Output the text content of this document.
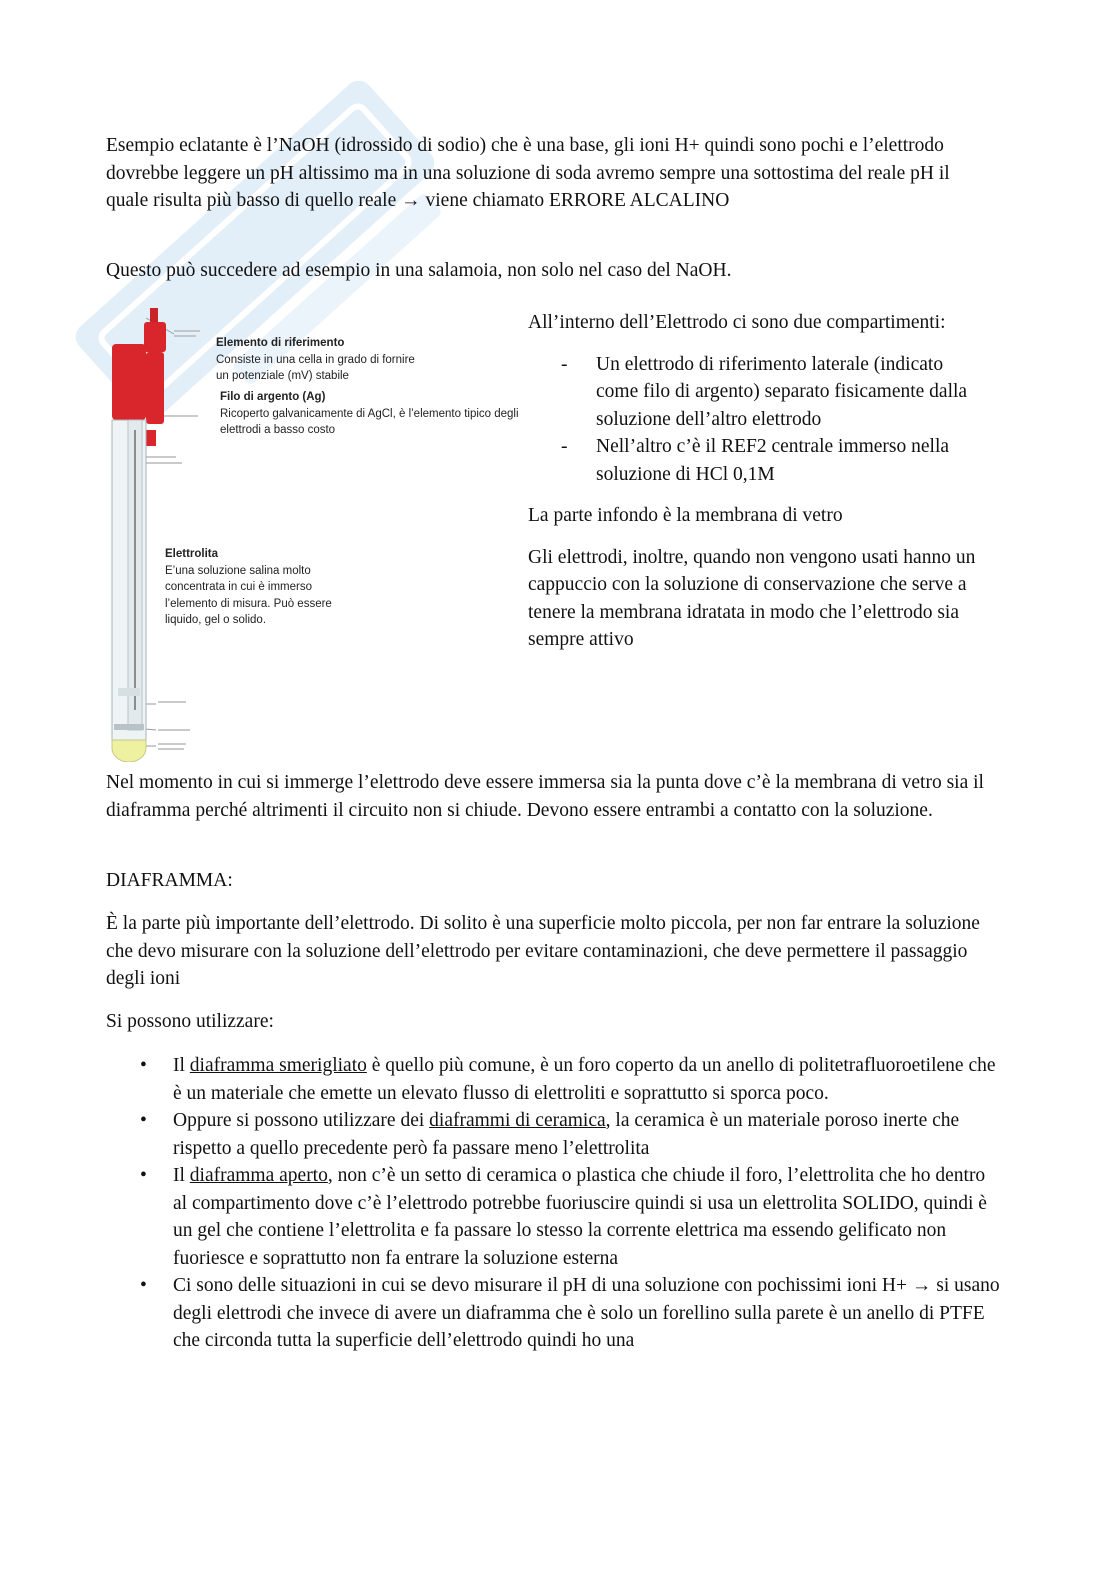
Esempio eclatante è l’NaOH (idrossido di sodio) che è una base, gli ioni H+ quindi sono pochi e l’elettrodo dovrebbe leggere un pH altissimo ma in una soluzione di soda avremo sempre una sottostima del reale pH il quale risulta più basso di quello reale → viene chiamato ERRORE ALCALINO

Questo può succedere ad esempio in una salamoia, non solo nel caso del NaOH.

Elemento di riferimento
Consiste in una cella in grado di fornire un potenziale (mV) stabile
Filo di argento (Ag)
Ricoperto galvanicamente di AgCl, è l’elemento tipico degli elettrodi a basso costo
Elettrolita
E’una soluzione salina molto concentrata in cui è immerso l’elemento di misura. Può essere liquido, gel o solido.

All’interno dell’Elettrodo ci sono due compartimenti:

- Un elettrodo di riferimento laterale (indicato come filo di argento) separato fisicamente dalla soluzione dell’altro elettrodo
- Nell’altro c’è il REF2 centrale immerso nella soluzione di HCl 0,1M

La parte infondo è la membrana di vetro

Gli elettrodi, inoltre, quando non vengono usati hanno un cappuccio con la soluzione di conservazione che serve a tenere la membrana idratata in modo che l’elettrodo sia sempre attivo

Nel momento in cui si immerge l’elettrodo deve essere immersa sia la punta dove c’è la membrana di vetro sia il diaframma perché altrimenti il circuito non si chiude. Devono essere entrambi a contatto con la soluzione.

DIAFRAMMA:

È la parte più importante dell’elettrodo. Di solito è una superficie molto piccola, per non far entrare la soluzione che devo misurare con la soluzione dell’elettrodo per evitare contaminazioni, che deve permettere il passaggio degli ioni

Si possono utilizzare:

• Il diaframma smerigliato è quello più comune, è un foro coperto da un anello di politetrafluoroetilene che è un materiale che emette un elevato flusso di elettroliti e soprattutto si sporca poco.
• Oppure si possono utilizzare dei diaframmi di ceramica, la ceramica è un materiale poroso inerte che rispetto a quello precedente però fa passare meno l’elettrolita
• Il diaframma aperto, non c’è un setto di ceramica o plastica che chiude il foro, l’elettrolita che ho dentro al compartimento dove c’è l’elettrodo potrebbe fuoriuscire quindi si usa un elettrolita SOLIDO, quindi è un gel che contiene l’elettrolita e fa passare lo stesso la corrente elettrica ma essendo gelificato non fuoriesce e soprattutto non fa entrare la soluzione esterna
• Ci sono delle situazioni in cui se devo misurare il pH di una soluzione con pochissimi ioni H+ → si usano degli elettrodi che invece di avere un diaframma che è solo un forellino sulla parete è un anello di PTFE che circonda tutta la superficie dell’elettrodo quindi ho una
